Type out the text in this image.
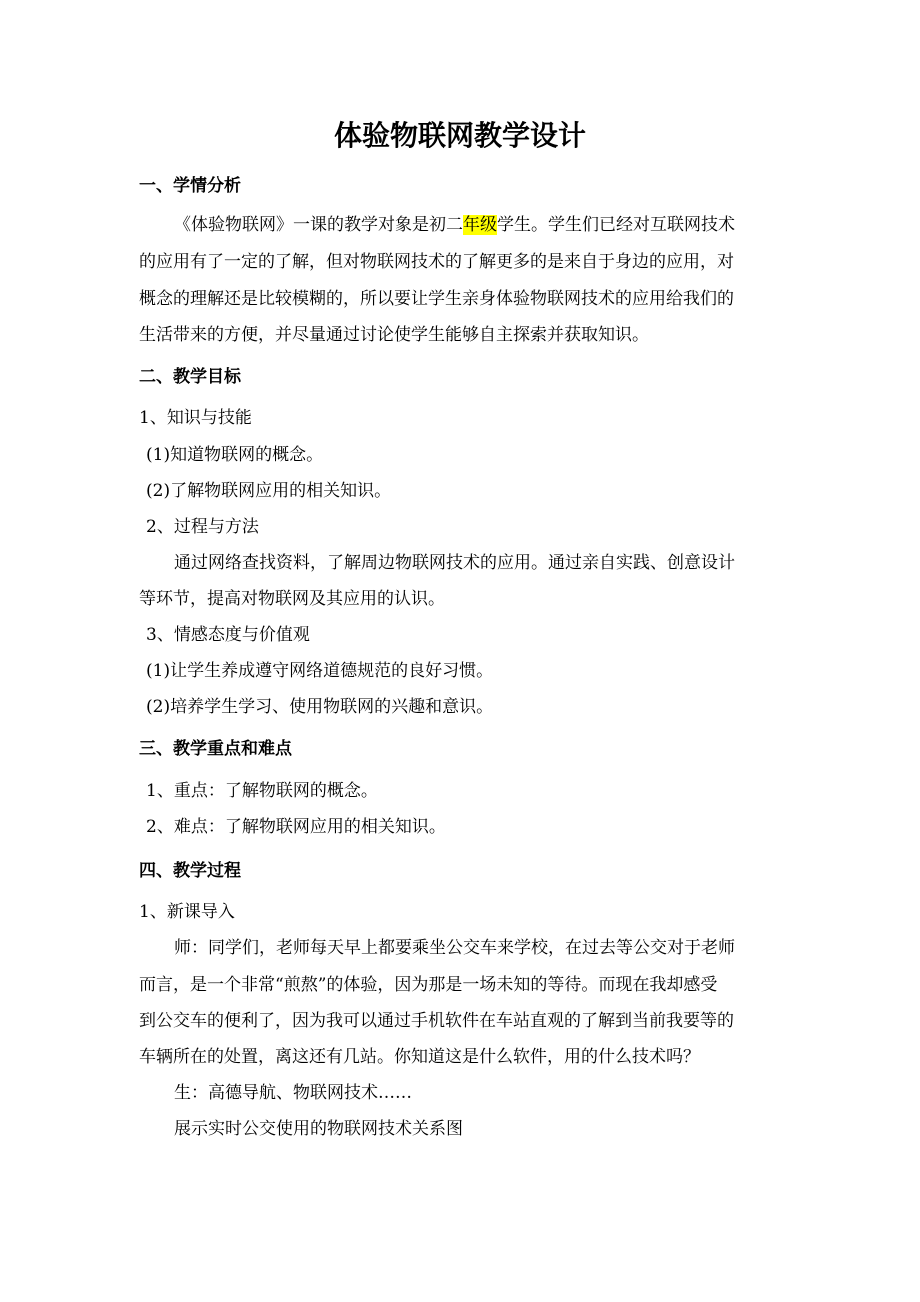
体验物联网教学设计
一、学情分析
《体验物联网》一课的教学对象是初二年级学生。学生们已经对互联网技术
的应用有了一定的了解，但对物联网技术的了解更多的是来自于身边的应用，对
概念的理解还是比较模糊的，所以要让学生亲身体验物联网技术的应用给我们的
生活带来的方便，并尽量通过讨论使学生能够自主探索并获取知识。
二、教学目标
1、知识与技能
(1)知道物联网的概念。
(2)了解物联网应用的相关知识。
2、过程与方法
通过网络查找资料，了解周边物联网技术的应用。通过亲自实践、创意设计
等环节，提高对物联网及其应用的认识。
3、情感态度与价值观
(1)让学生养成遵守网络道德规范的良好习惯。
(2)培养学生学习、使用物联网的兴趣和意识。
三、教学重点和难点
1、重点：了解物联网的概念。
2、难点：了解物联网应用的相关知识。
四、教学过程
1、新课导入
师：同学们，老师每天早上都要乘坐公交车来学校，在过去等公交对于老师
而言，是一个非常“煎熬”的体验，因为那是一场未知的等待。而现在我却感受
到公交车的便利了，因为我可以通过手机软件在车站直观的了解到当前我要等的
车辆所在的处置，离这还有几站。你知道这是什么软件，用的什么技术吗？
生：高德导航、物联网技术……
展示实时公交使用的物联网技术关系图
